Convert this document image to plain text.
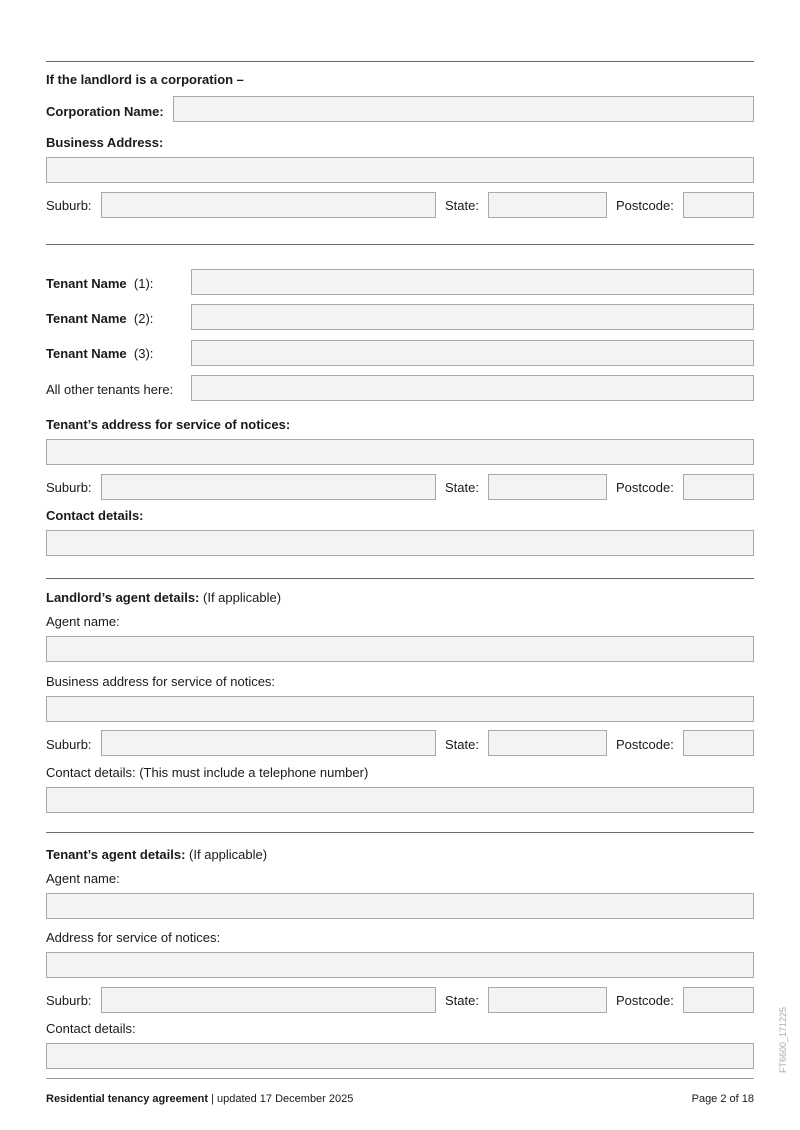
If the landlord is a corporation –
Corporation Name:
Business Address:
Suburb:	State:	Postcode:
Tenant Name (1):
Tenant Name (2):
Tenant Name (3):
All other tenants here:
Tenant’s address for service of notices:
Suburb:	State:	Postcode:
Contact details:
Landlord’s agent details: (If applicable)
Agent name:
Business address for service of notices:
Suburb:	State:	Postcode:
Contact details: (This must include a telephone number)
Tenant’s agent details: (If applicable)
Agent name:
Address for service of notices:
Suburb:	State:	Postcode:
Contact details:
Residential tenancy agreement | updated 17 December 2025	Page 2 of 18
FT6600_171225
